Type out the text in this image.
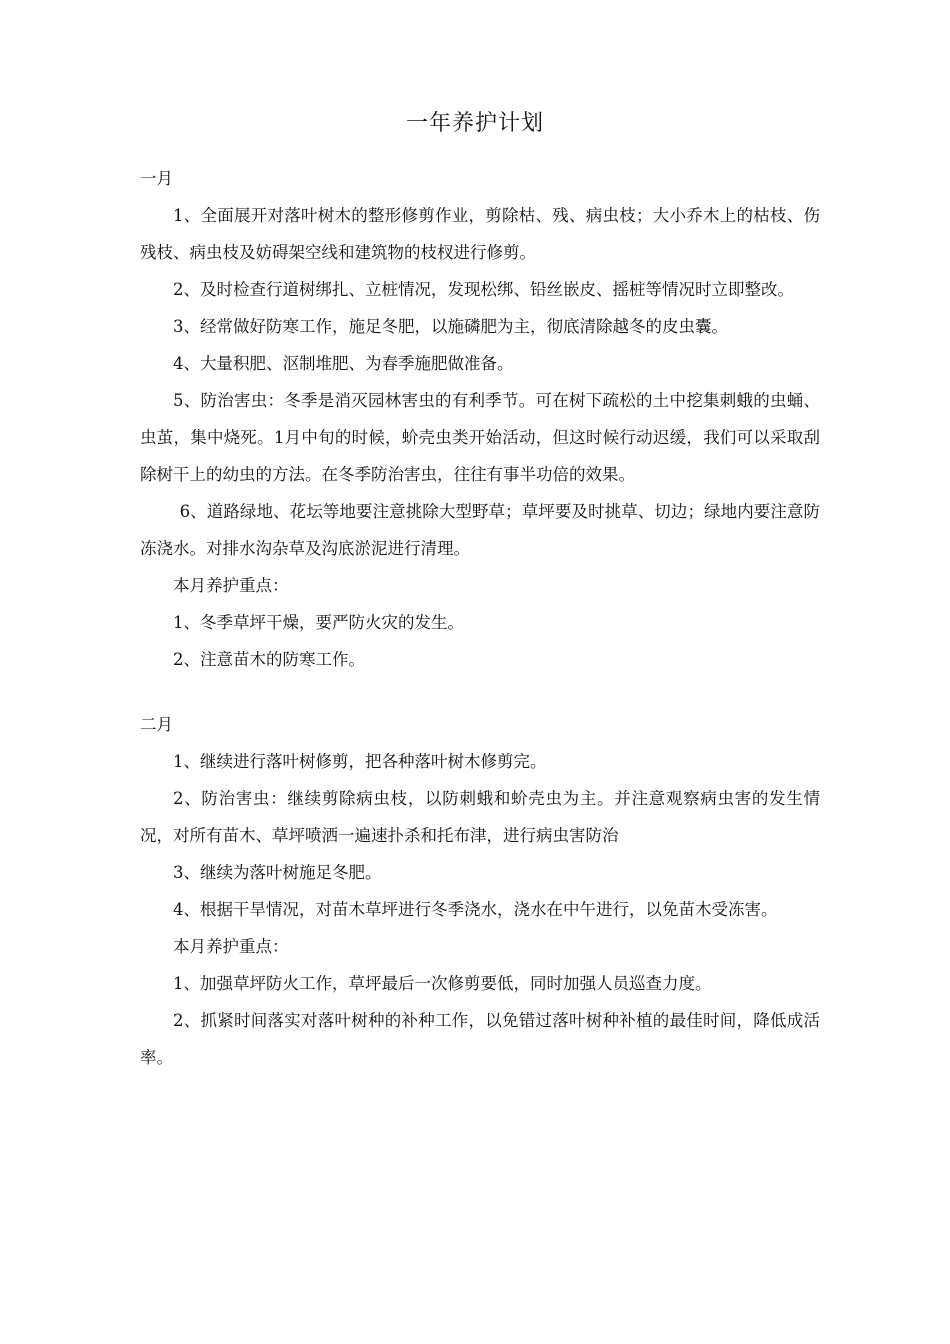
一年养护计划

一月

1、全面展开对落叶树木的整形修剪作业，剪除枯、残、病虫枝；大小乔木上的枯枝、伤残枝、病虫枝及妨碍架空线和建筑物的枝杈进行修剪。

2、及时检查行道树绑扎、立桩情况，发现松绑、铅丝嵌皮、摇桩等情况时立即整改。

3、经常做好防寒工作，施足冬肥，以施磷肥为主，彻底清除越冬的皮虫囊。

4、大量积肥、沤制堆肥、为春季施肥做准备。

5、防治害虫：冬季是消灭园林害虫的有利季节。可在树下疏松的土中挖集刺蛾的虫蛹、虫茧，集中烧死。1月中旬的时候，蚧壳虫类开始活动，但这时候行动迟缓，我们可以采取刮除树干上的幼虫的方法。在冬季防治害虫，往往有事半功倍的效果。

6、道路绿地、花坛等地要注意挑除大型野草；草坪要及时挑草、切边；绿地内要注意防冻浇水。对排水沟杂草及沟底淤泥进行清理。

本月养护重点：

1、冬季草坪干燥，要严防火灾的发生。

2、注意苗木的防寒工作。

二月

1、继续进行落叶树修剪，把各种落叶树木修剪完。

2、防治害虫：继续剪除病虫枝，以防刺蛾和蚧壳虫为主。并注意观察病虫害的发生情况，对所有苗木、草坪喷洒一遍速扑杀和托布津，进行病虫害防治

3、继续为落叶树施足冬肥。

4、根据干旱情况，对苗木草坪进行冬季浇水，浇水在中午进行，以免苗木受冻害。

本月养护重点：

1、加强草坪防火工作，草坪最后一次修剪要低，同时加强人员巡查力度。

2、抓紧时间落实对落叶树种的补种工作，以免错过落叶树种补植的最佳时间，降低成活率。
